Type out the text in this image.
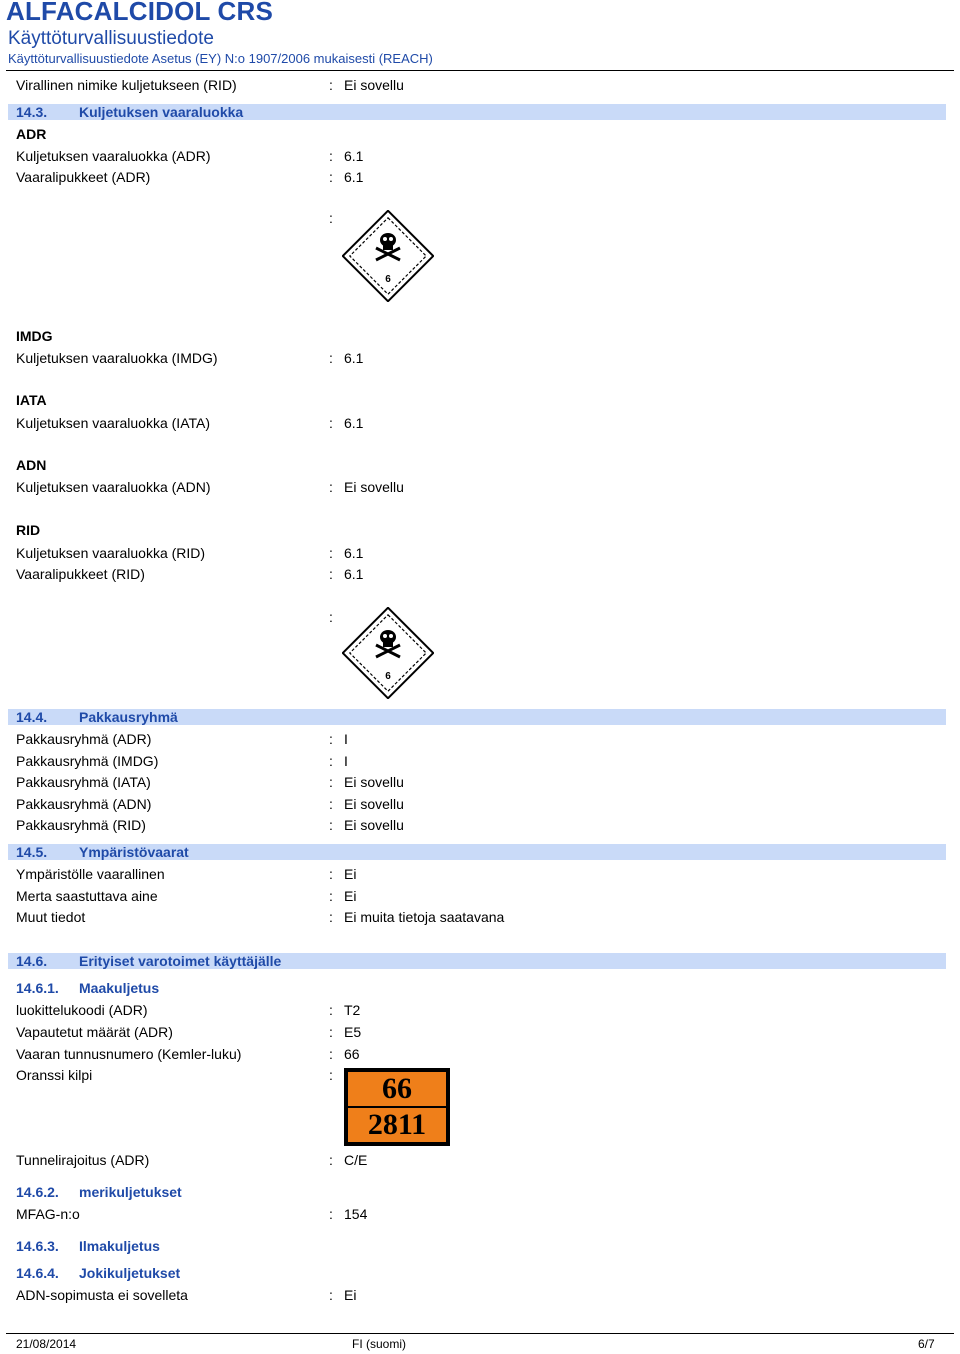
ALFACALCIDOL CRS
Käyttöturvallisuustiedote
Käyttöturvallisuustiedote Asetus (EY) N:o 1907/2006 mukaisesti (REACH)
Virallinen nimike kuljetukseen (RID)	: Ei sovellu
14.3. Kuljetuksen vaaraluokka
ADR
Kuljetuksen vaaraluokka (ADR)	: 6.1
Vaaralipukkeet (ADR)	: 6.1
:
6
IMDG
Kuljetuksen vaaraluokka (IMDG)	: 6.1
IATA
Kuljetuksen vaaraluokka (IATA)	: 6.1
ADN
Kuljetuksen vaaraluokka (ADN)	: Ei sovellu
RID
Kuljetuksen vaaraluokka (RID)	: 6.1
Vaaralipukkeet (RID)	: 6.1
:
6
14.4. Pakkausryhmä
Pakkausryhmä (ADR)	: I
Pakkausryhmä (IMDG)	: I
Pakkausryhmä (IATA)	: Ei sovellu
Pakkausryhmä (ADN)	: Ei sovellu
Pakkausryhmä (RID)	: Ei sovellu
14.5. Ympäristövaarat
Ympäristölle vaarallinen	: Ei
Merta saastuttava aine	: Ei
Muut tiedot	: Ei muita tietoja saatavana
14.6. Erityiset varotoimet käyttäjälle
14.6.1. Maakuljetus
luokittelukoodi (ADR)	: T2
Vapautetut määrät (ADR)	: E5
Vaaran tunnusnumero (Kemler-luku)	: 66
Oranssi kilpi	:	66
2811
Tunnelirajoitus (ADR)	: C/E
14.6.2. merikuljetukset
MFAG-n:o	: 154
14.6.3. Ilmakuljetus
14.6.4. Jokikuljetukset
ADN-sopimusta ei sovelleta	: Ei
21/08/2014	FI (suomi)	6/7
